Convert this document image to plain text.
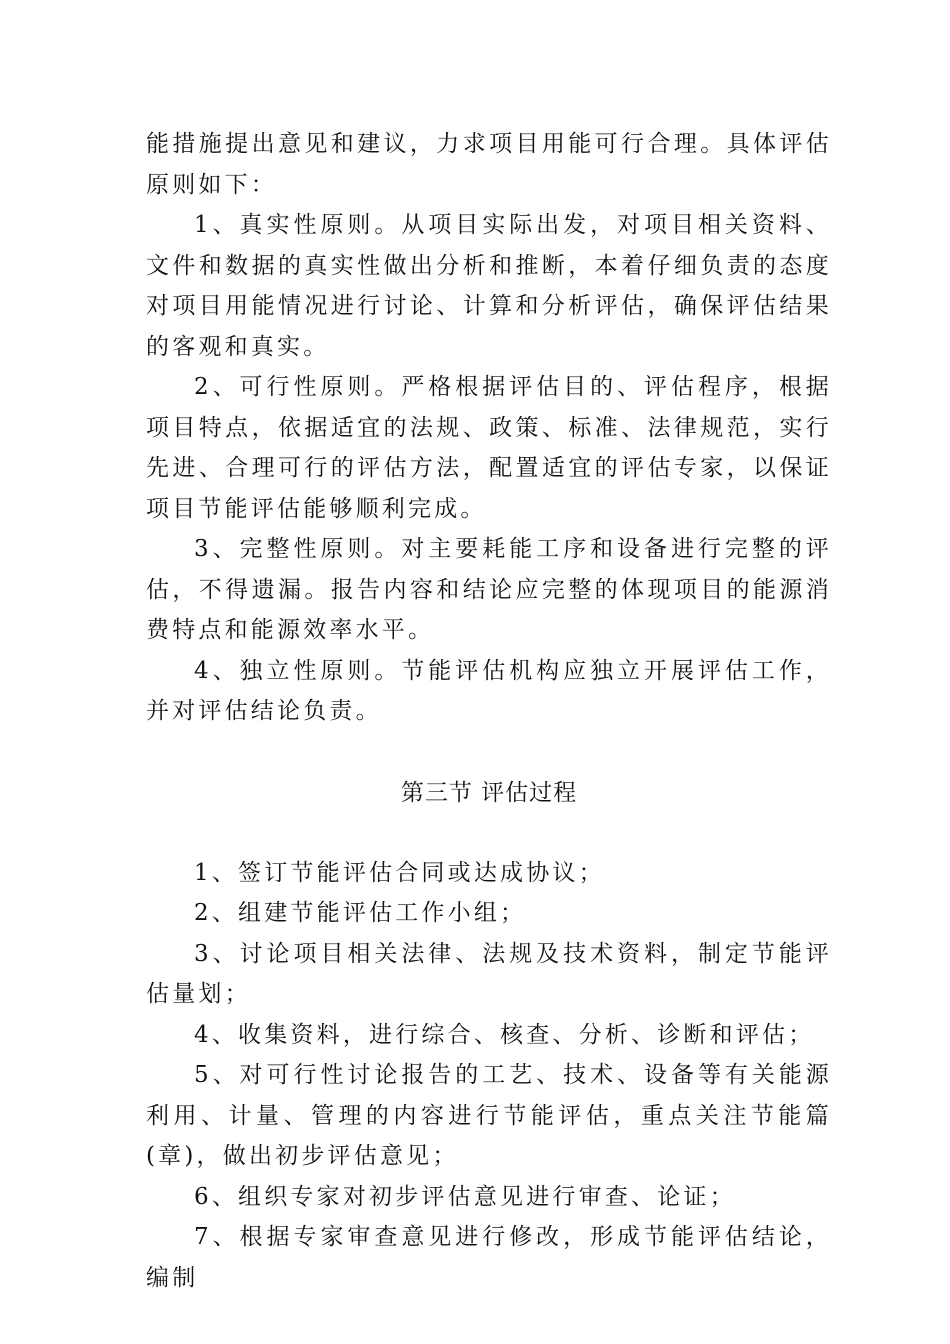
能措施提出意见和建议，力求项目用能可行合理。具体评估原则如下：

1、真实性原则。从项目实际出发，对项目相关资料、文件和数据的真实性做出分析和推断，本着仔细负责的态度对项目用能情况进行讨论、计算和分析评估，确保评估结果的客观和真实。

2、可行性原则。严格根据评估目的、评估程序，根据项目特点，依据适宜的法规、政策、标准、法律规范，实行先进、合理可行的评估方法，配置适宜的评估专家，以保证项目节能评估能够顺利完成。

3、完整性原则。对主要耗能工序和设备进行完整的评估，不得遗漏。报告内容和结论应完整的体现项目的能源消费特点和能源效率水平。

4、独立性原则。节能评估机构应独立开展评估工作，并对评估结论负责。

第三节 评估过程

1、签订节能评估合同或达成协议；

2、组建节能评估工作小组；

3、讨论项目相关法律、法规及技术资料，制定节能评估量划；

4、收集资料，进行综合、核查、分析、诊断和评估；

5、对可行性讨论报告的工艺、技术、设备等有关能源利用、计量、管理的内容进行节能评估，重点关注节能篇(章)，做出初步评估意见；

6、组织专家对初步评估意见进行审查、论证；

7、根据专家审查意见进行修改，形成节能评估结论，编制
